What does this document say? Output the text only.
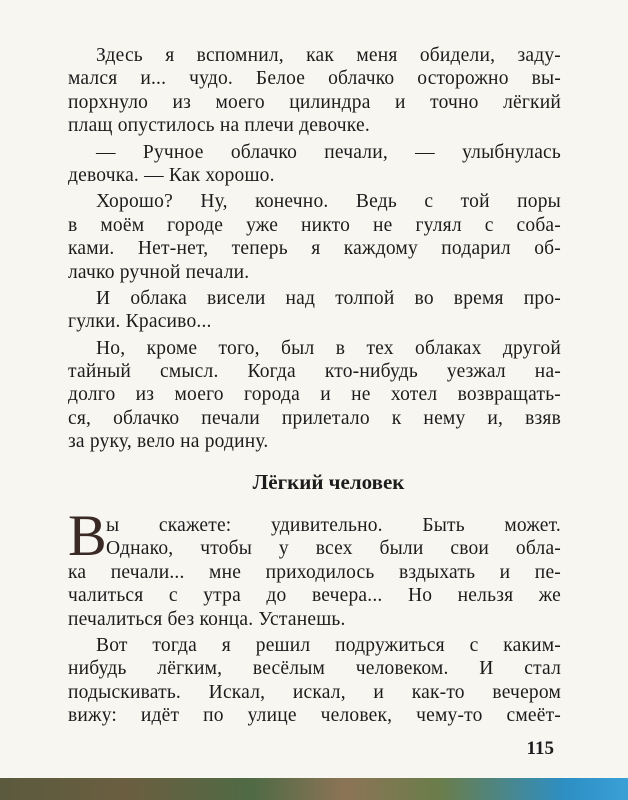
Здесь я вспомнил, как меня обидели, заду-
мался и... чудо. Белое облачко осторожно вы-
порхнуло из моего цилиндра и точно лёгкий
плащ опустилось на плечи девочке.
— Ручное облачко печали, — улыбнулась
девочка. — Как хорошо.
Хорошо? Ну, конечно. Ведь с той поры
в моём городе уже никто не гулял с соба-
ками. Нет-нет, теперь я каждому подарил об-
лачко ручной печали.
И облака висели над толпой во время про-
гулки. Красиво...
Но, кроме того, был в тех облаках другой
тайный смысл. Когда кто-нибудь уезжал на-
долго из моего города и не хотел возвращать-
ся, облачко печали прилетало к нему и, взяв
за руку, вело на родину.
Лёгкий человек
В ы скажете: удивительно. Быть может.
Однако, чтобы у всех были свои обла-
ка печали... мне приходилось вздыхать и пе-
чалиться с утра до вечера... Но нельзя же
печалиться без конца. Устанешь.
Вот тогда я решил подружиться с каким-
нибудь лёгким, весёлым человеком. И стал
подыскивать. Искал, искал, и как-то вечером
вижу: идёт по улице человек, чему-то смеёт-
115
